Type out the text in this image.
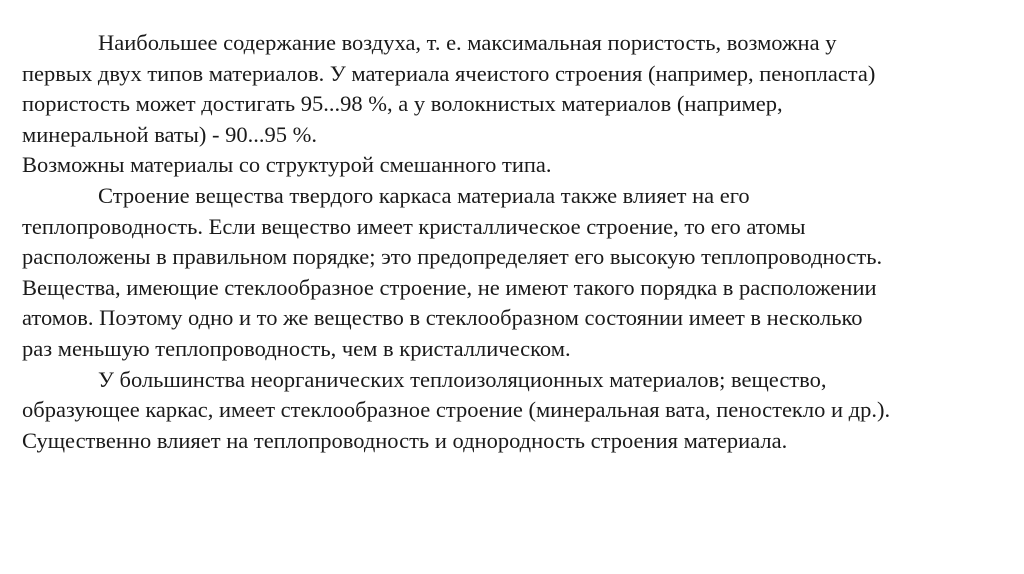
Наибольшее содержание воздуха, т. е. максимальная пористость, возможна у
первых двух типов материалов. У материала ячеистого строения (например, пенопласта)
пористость может достигать 95...98 %, а у волокнистых материалов (например,
минеральной ваты) - 90...95 %.
Возможны материалы со структурой смешанного типа.
Строение вещества твердого каркаса материала также влияет на его
теплопроводность. Если вещество имеет кристаллическое строение, то его атомы
расположены в правильном порядке; это предопределяет его высокую теплопроводность.
Вещества, имеющие стеклообразное строение, не имеют такого порядка в расположении
атомов. Поэтому одно и то же вещество в стеклообразном состоянии имеет в несколько
раз меньшую теплопроводность, чем в кристаллическом.
У большинства неорганических теплоизоляционных материалов; вещество,
образующее каркас, имеет стеклообразное строение (минеральная вата, пеностекло и др.).
Существенно влияет на теплопроводность и однородность строения материала.
